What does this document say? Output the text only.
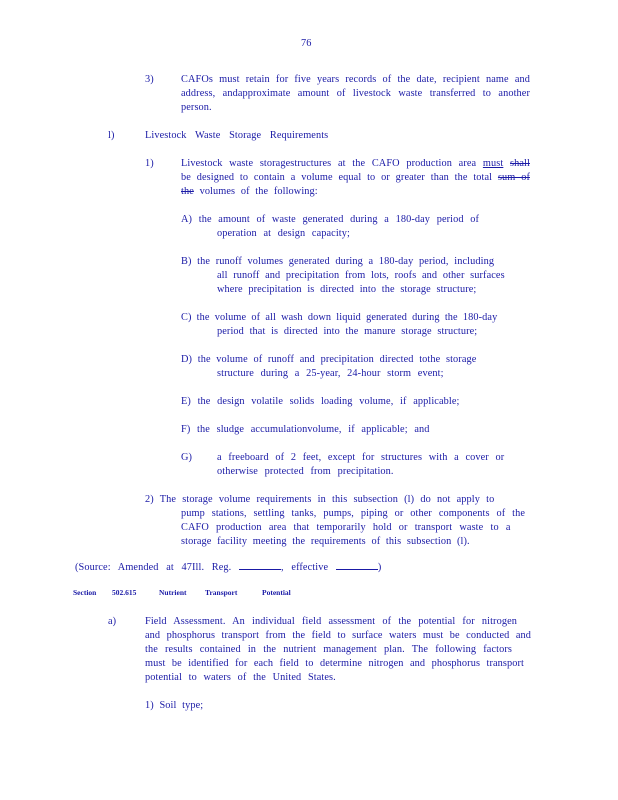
76
3)	CAFOs must retain for five years records of the date, recipient name and
address, andapproximate amount of livestock waste transferred to another
person.
l)	Livestock Waste Storage Requirements
1)	Livestock waste storagestructures at the CAFO production area must shall
be designed to contain a volume equal to or greater than the total sum of
the volumes of the following:
A) the amount of waste generated during a 180-day period of
operation at design capacity;
B) the runoff volumes generated during a 180-day period, including
all runoff and precipitation from lots, roofs and other surfaces
where precipitation is directed into the storage structure;
C) the volume of all wash down liquid generated during the 180-day
period that is directed into the manure storage structure;
D) the volume of runoff and precipitation directed tothe storage
structure during a 25-year, 24-hour storm event;
E) the design volatile solids loading volume, if applicable;
F) the sludge accumulationvolume, if applicable; and
G) a freeboard of 2 feet, except for structures with a cover or
otherwise protected from precipitation.
2) The storage volume requirements in this subsection (l) do not apply to
pump stations, settling tanks, pumps, piping or other components of the
CAFO production area that temporarily hold or transport waste to a
storage facility meeting the requirements of this subsection (l).
(Source: Amended at 47Ill. Reg.	, effective	)
Section 502.615	Nutrient Transport	Potential
a)	Field Assessment. An individual field assessment of the potential for nitrogen
and phosphorus transport from the field to surface waters must be conducted and
the results contained in the nutrient management plan. The following factors
must be identified for each field to determine nitrogen and phosphorus transport
potential to waters of the United States.
1) Soil type;
